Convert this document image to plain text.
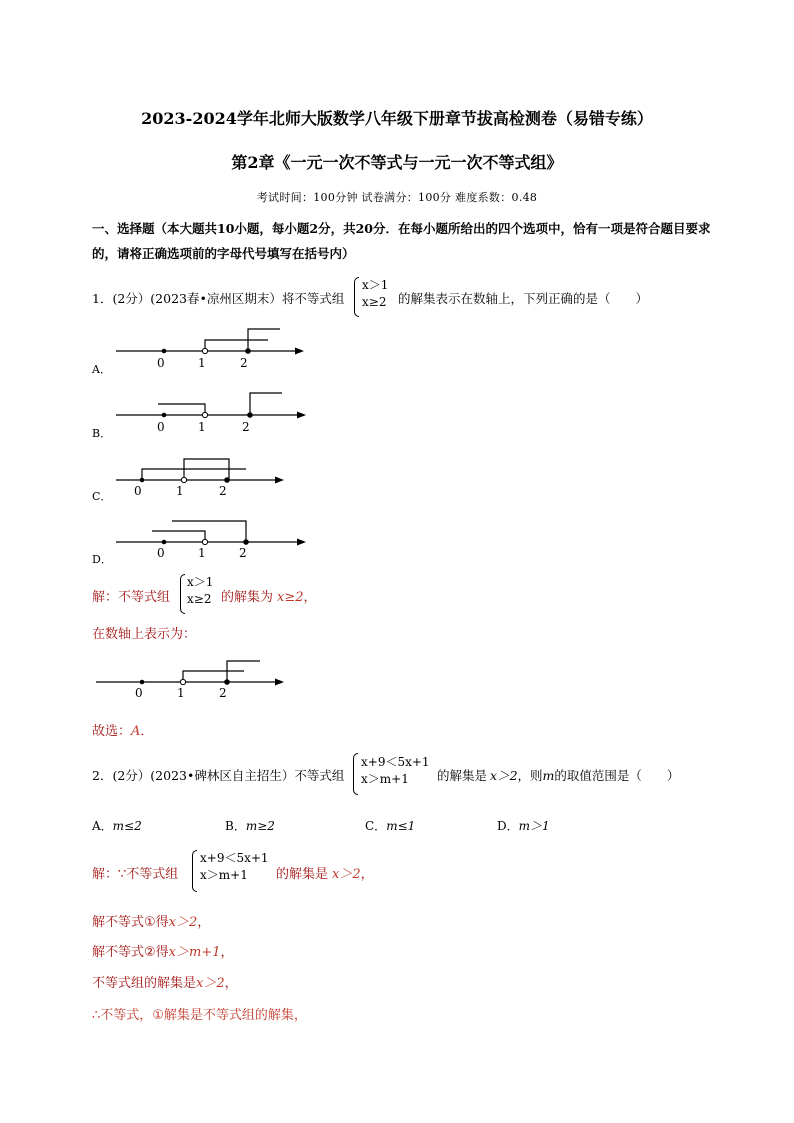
2023-2024学年北师大版数学八年级下册章节拔高检测卷（易错专练）
第2章《一元一次不等式与一元一次不等式组》
考试时间：100分钟 试卷满分：100分 难度系数：0.48
一、选择题（本大题共10小题，每小题2分，共20分．在每小题所给出的四个选项中，恰有一项是符合题目要求的，请将正确选项前的字母代号填写在括号内）
1．(2分）(2023春•凉州区期末）将不等式组
x＞1
x≥2 的解集表示在数轴上，下列正确的是（　　）
A．	0	1	2
B．	0	1	2
C． 0	1	2
D．	0	1	2
解：不等式组
x＞1
x≥2 的解集为 x≥2，
在数轴上表示为：
0	1	2
故选：A．
2．(2分）(2023•碑林区自主招生）不等式组
x+9＜5x+1
x＞m+1	的解集是 x＞2，则m的取值范围是（　　）
A．m≤2	B．m≥2	C．m≤1	D．m＞1
解：∵不等式组
x+9＜5x+1
x＞m+1	的解集是 x＞2，
解不等式①得x＞2，
解不等式②得x＞m+1，
不等式组的解集是x＞2，
∴不等式，①解集是不等式组的解集，
